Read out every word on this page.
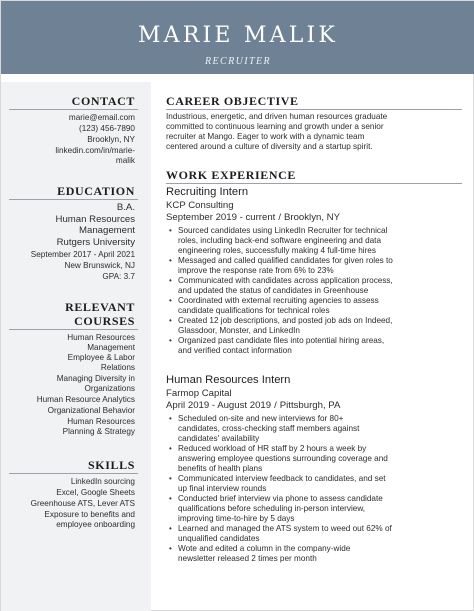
MARIE MALIK
RECRUITER
CONTACT
marie@email.com
(123) 456-7890
Brooklyn, NY
linkedin.com/in/marie-
malik
EDUCATION
B.A.
Human Resources
Management
Rutgers University
September 2017 - April 2021
New Brunswick, NJ
GPA: 3.7
RELEVANT
COURSES
Human Resources
Management
Employee & Labor
Relations
Managing Diversity in
Organizations
Human Resource Analytics
Organizational Behavior
Human Resources
Planning & Strategy
SKILLS
LinkedIn sourcing
Excel, Google Sheets
Greenhouse ATS, Lever ATS
Exposure to benefits and
employee onboarding
CAREER OBJECTIVE
Industrious, energetic, and driven human resources graduate
committed to continuous learning and growth under a senior
recruiter at Mango. Eager to work with a dynamic team
centered around a culture of diversity and a startup spirit.
WORK EXPERIENCE
Recruiting Intern
KCP Consulting
September 2019 - current / Brooklyn, NY
• Sourced candidates using LinkedIn Recruiter for technical
roles, including back-end software engineering and data
engineering roles, successfully making 4 full-time hires
• Messaged and called qualified candidates for given roles to
improve the response rate from 6% to 23%
• Communicated with candidates across application process,
and updated the status of candidates in Greenhouse
• Coordinated with external recruiting agencies to assess
candidate qualifications for technical roles
• Created 12 job descriptions, and posted job ads on Indeed,
Glassdoor, Monster, and LinkedIn
• Organized past candidate files into potential hiring areas,
and verified contact information
Human Resources Intern
Farmop Capital
April 2019 - August 2019 / Pittsburgh, PA
• Scheduled on-site and new interviews for 80+
candidates, cross-checking staff members against
candidates' availability
• Reduced workload of HR staff by 2 hours a week by
answering employee questions surrounding coverage and
benefits of health plans
• Communicated interview feedback to candidates, and set
up final interview rounds
• Conducted brief interview via phone to assess candidate
qualifications before scheduling in-person interview,
improving time-to-hire by 5 days
• Learned and managed the ATS system to weed out 62% of
unqualified candidates
• Wote and edited a column in the company-wide
newsletter released 2 times per month
